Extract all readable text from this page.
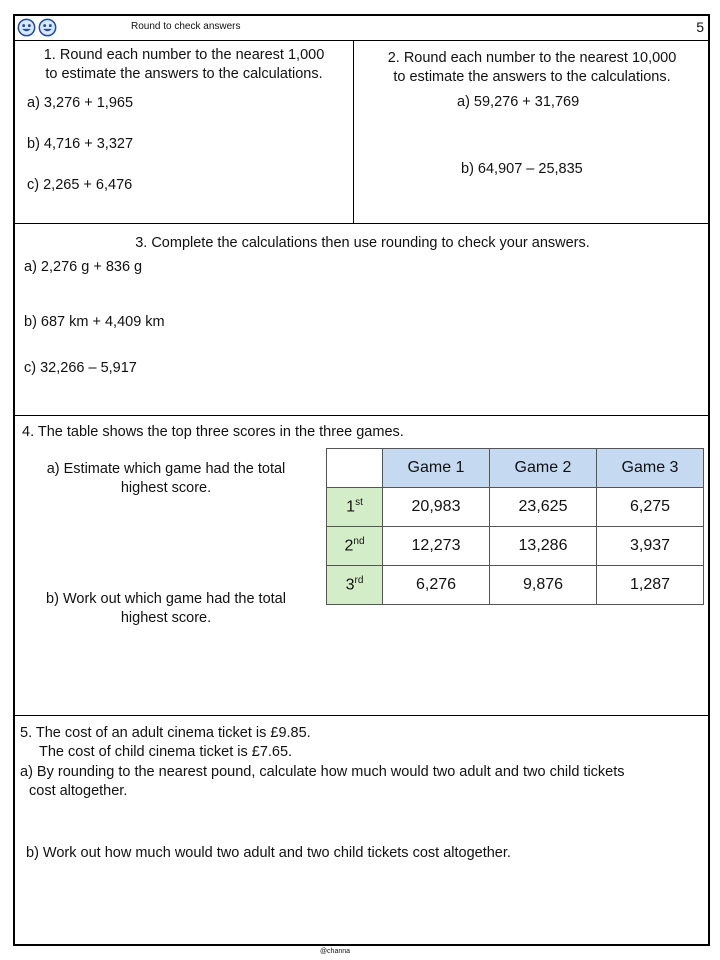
Round to check answers	5
1. Round each number to the nearest 1,000
to estimate the answers to the calculations.
a) 3,276 + 1,965
b) 4,716 + 3,327
c) 2,265 + 6,476
2. Round each number to the nearest 10,000
to estimate the answers to the calculations.
a) 59,276 + 31,769
b) 64,907 – 25,835
3. Complete the calculations then use rounding to check your answers.
a) 2,276 g + 836 g
b) 687 km + 4,409 km
c) 32,266 – 5,917
4. The table shows the top three scores in the three games.
a) Estimate which game had the total
highest score.
b) Work out which game had the total
highest score.
	Game 1	Game 2	Game 3
1st	20,983	23,625	6,275
2nd	12,273	13,286	3,937
3rd	6,276	9,876	1,287
5. The cost of an adult cinema ticket is £9.85.
The cost of child cinema ticket is £7.65.
a) By rounding to the nearest pound, calculate how much would two adult and two child tickets
cost altogether.
b) Work out how much would two adult and two child tickets cost altogether.
@channa
